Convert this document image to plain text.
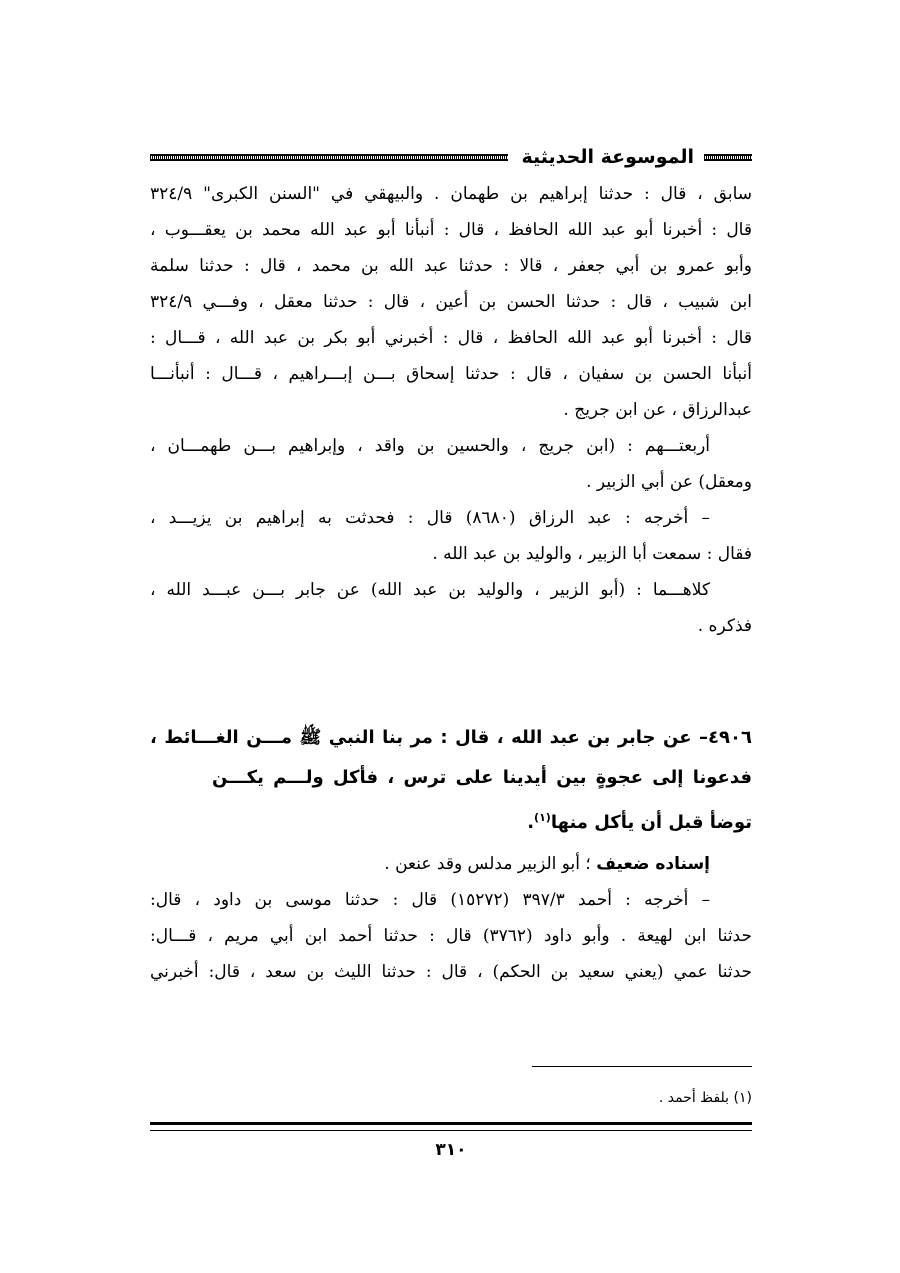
الموسوعة الحديثية
سابق ، قال : حدثنا إبراهيم بن طهمان . والبيهقي في "السنن الكبرى" ٣٢٤/٩
قال : أخبرنا أبو عبد الله الحافظ ، قال : أنبأنا أبو عبد الله محمد بن يعقـــوب ،
وأبو عمرو بن أبي جعفر ، قالا : حدثنا عبد الله بن محمد ، قال : حدثنا سلمة
ابن شبيب ، قال : حدثنا الحسن بن أعين ، قال : حدثنا معقل ، وفـــي ٣٢٤/٩
قال : أخبرنا أبو عبد الله الحافظ ، قال : أخبرني أبو بكر بن عبد الله ، قـــال :
أنبأنا الحسن بن سفيان ، قال : حدثنا إسحاق بـــن إبـــراهيم ، قـــال : أنبأنـــا
عبدالرزاق ، عن ابن جريج .
أربعتـــهم : (ابن جريج ، والحسين بن واقد ، وإبراهيم بـــن طهمـــان ،
ومعقل) عن أبي الزبير .
– أخرجه : عبد الرزاق (٨٦٨٠) قال : فحدثت به إبراهيم بن يزيـــد ،
فقال : سمعت أبا الزبير ، والوليد بن عبد الله .
كلاهـــما : (أبو الزبير ، والوليد بن عبد الله) عن جابر بـــن عبـــد الله ،
فذكره .
٤٩٠٦– عن جابر بن عبد الله ، قال : مر بنا النبي ﷺ مـــن الغـــائط ،
فدعونا إلى عجوةٍ بين أيدينا على ترس ، فأكل ولـــم يكـــن
توضأ قبل أن يأكل منها$^{(١)}$.
إسناده ضعيف ؛ أبو الزبير مدلس وقد عنعن .
– أخرجه : أحمد ٣٩٧/٣ (١٥٢٧٢) قال : حدثنا موسى بن داود ، قال:
حدثنا ابن لهيعة . وأبو داود (٣٧٦٢) قال : حدثنا أحمد ابن أبي مريم ، قـــال:
حدثنا عمي (يعني سعيد بن الحكم) ، قال : حدثنا الليث بن سعد ، قال: أخبرني
(١) بلفظ أحمد .
٣١٠
